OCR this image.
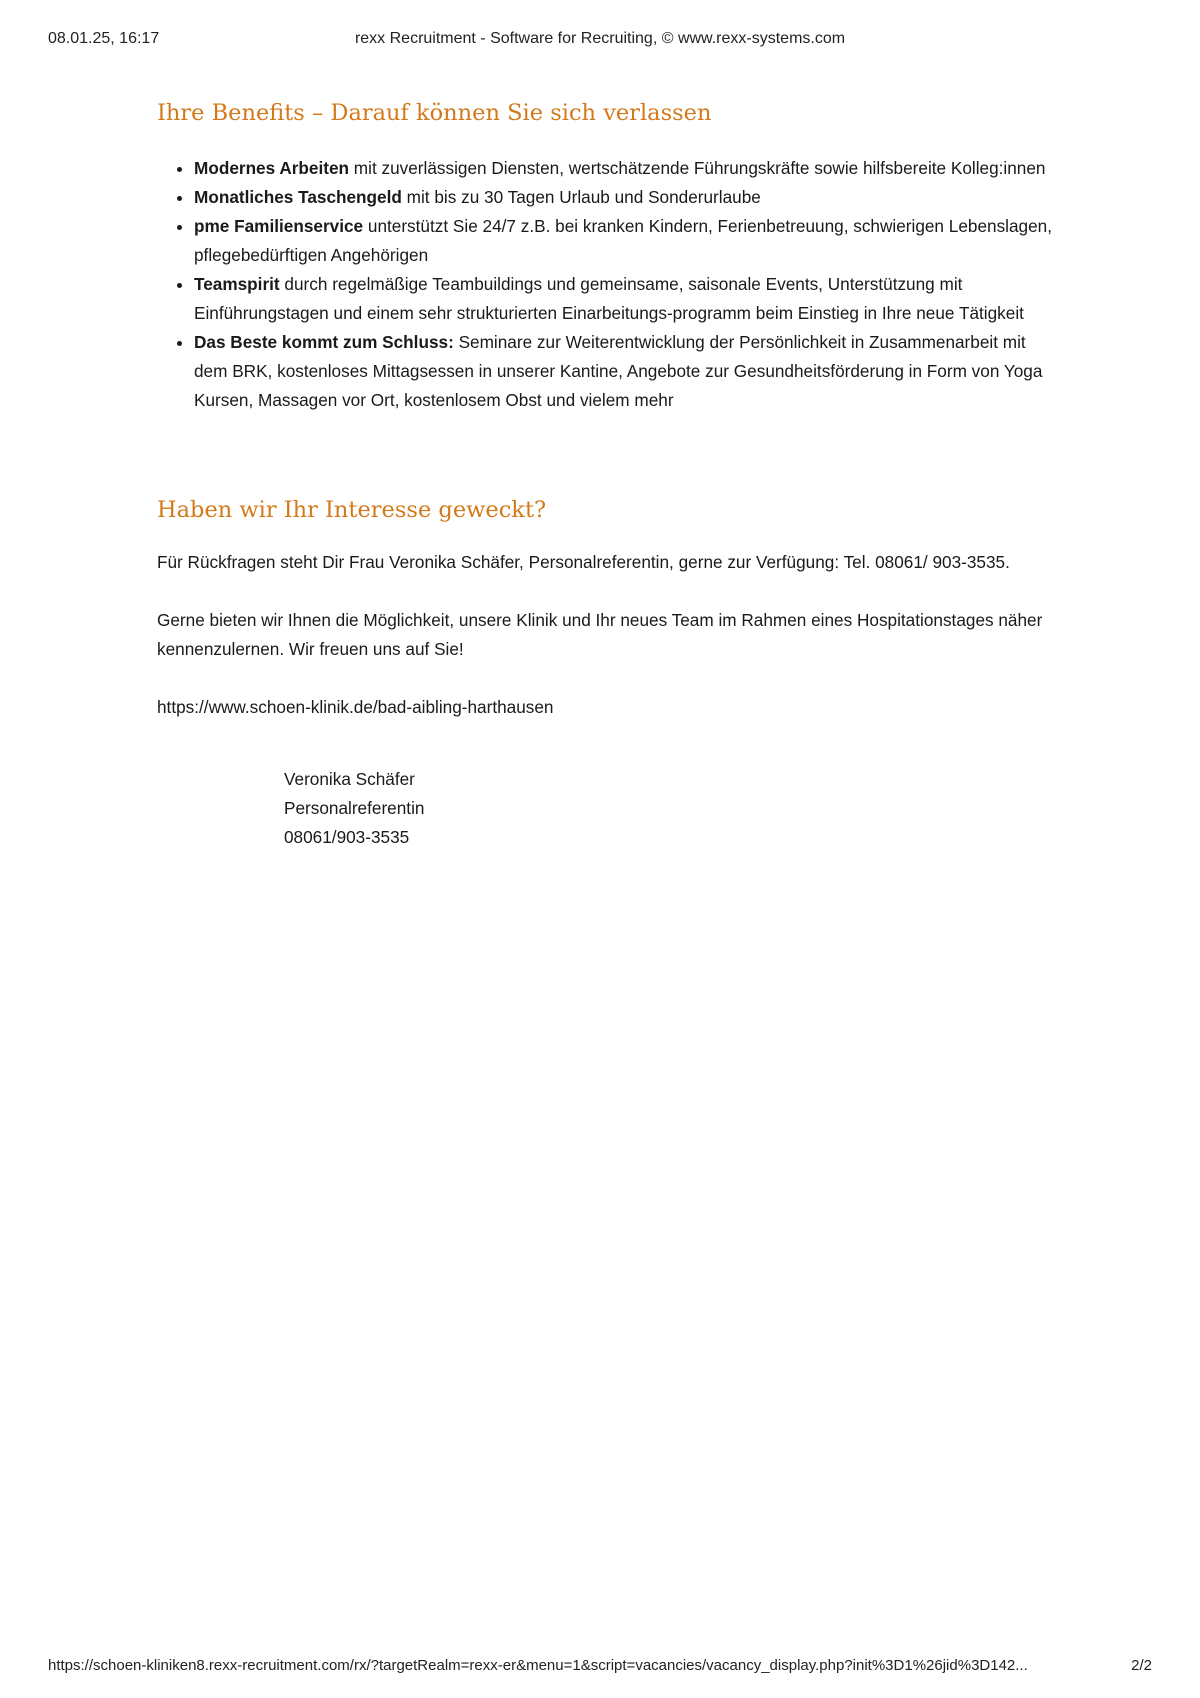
08.01.25, 16:17	rexx Recruitment - Software for Recruiting, © www.rexx-systems.com
Ihre Benefits – Darauf können Sie sich verlassen
• Modernes Arbeiten mit zuverlässigen Diensten, wertschätzende Führungskräfte sowie hilfsbereite Kolleg:innen
• Monatliches Taschengeld mit bis zu 30 Tagen Urlaub und Sonderurlaube
• pme Familienservice unterstützt Sie 24/7 z.B. bei kranken Kindern, Ferienbetreuung, schwierigen Lebenslagen, pflegebedürftigen Angehörigen
• Teamspirit durch regelmäßige Teambuildings und gemeinsame, saisonale Events, Unterstützung mit Einführungstagen und einem sehr strukturierten Einarbeitungs-programm beim Einstieg in Ihre neue Tätigkeit
• Das Beste kommt zum Schluss: Seminare zur Weiterentwicklung der Persönlichkeit in Zusammenarbeit mit dem BRK, kostenloses Mittagsessen in unserer Kantine, Angebote zur Gesundheitsförderung in Form von Yoga Kursen, Massagen vor Ort, kostenlosem Obst und vielem mehr
Haben wir Ihr Interesse geweckt?

Für Rückfragen steht Dir Frau Veronika Schäfer, Personalreferentin, gerne zur Verfügung: Tel. 08061/ 903-3535.

Gerne bieten wir Ihnen die Möglichkeit, unsere Klinik und Ihr neues Team im Rahmen eines Hospitationstages näher kennenzulernen. Wir freuen uns auf Sie!

https://www.schoen-klinik.de/bad-aibling-harthausen

Veronika Schäfer
Personalreferentin
08061/903-3535
https://schoen-kliniken8.rexx-recruitment.com/rx/?targetRealm=rexx-er&menu=1&script=vacancies/vacancy_display.php?init%3D1%26jid%3D142...	2/2
